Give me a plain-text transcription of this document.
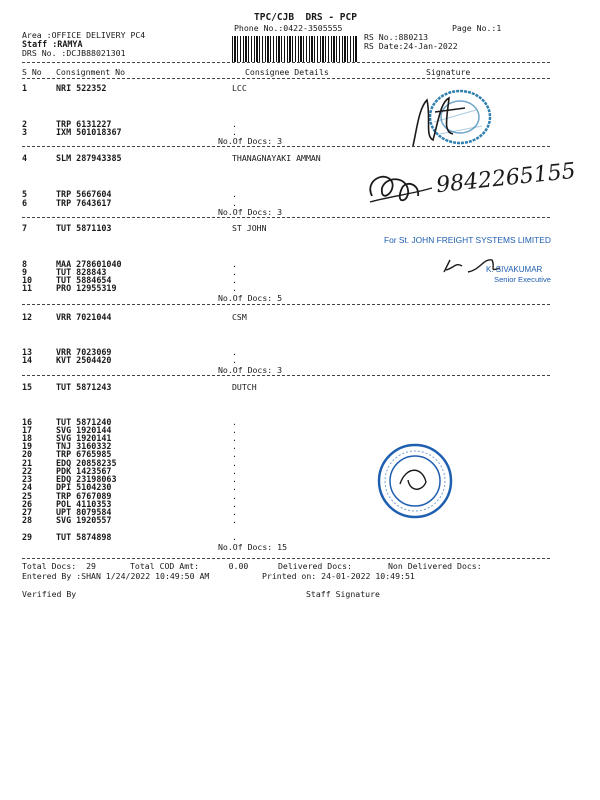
TPC/CJB  DRS - PCP
Phone No.:0422-3505555	Page No.:1
Area :OFFICE DELIVERY PC4
Staff :RAMYA
DRS No. :DCJB88021301
RS No.:880213
RS Date:24-Jan-2022
S No Consignment No	Consignee Details	Signature
1	NRI 522352	LCC
2	TRP 6131227	.
3	IXM 501018367	.
4	SLM 287943385	THANAGNAYAKI AMMAN
5	TRP 5667604	.
6	TRP 7643617	.
7	TUT 5871103	ST JOHN
8	MAA 278601040	.
9	TUT 828843	.
10	TUT 5884654	.
11	PRO 12955319	.
12	VRR 7021044	CSM
13	VRR 7023069	.
14	KVT 2504420	.
15	TUT 5871243	DUTCH
16	TUT 5871240	.
17	SVG 1920144	.
18	SVG 1920141	.
19	TNJ 3160332	.
20	TRP 6765985	.
21	EDQ 20858235	.
22	PDK 1423567	.
23	EDQ 23198063	.
24	DPI 5104230	.
25	TRP 6767089	.
26	POL 4110353	.
27	UPT 8079584	.
28	SVG 1920557	.
29	TUT 5874898	.
No.Of Docs: 3
No.Of Docs: 3
No.Of Docs: 5
No.Of Docs: 3
No.Of Docs: 15
Total Docs:  29	Total COD Amt:      0.00	Delivered Docs:	Non Delivered Docs:
Entered By :SHAN 1/24/2022 10:49:50 AM	Printed on: 24-01-2022 10:49:51
Verified By	Staff Signature
9842265155
For St. JOHN FREIGHT SYSTEMS LIMITED
K. SIVAKUMAR
Senior Executive
